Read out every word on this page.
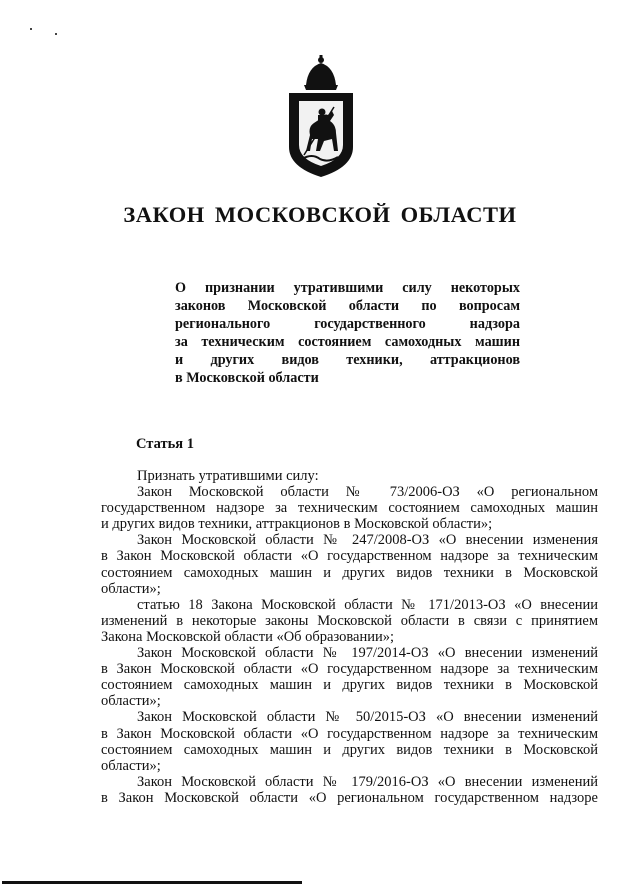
ЗАКОН МОСКОВСКОЙ ОБЛАСТИ
О признании утратившими силу некоторых
законов Московской области по вопросам
регионального государственного надзора
за техническим состоянием самоходных машин
и других видов техники, аттракционов
в Московской области
Статья 1
Признать утратившими силу:
Закон Московской области № 73/2006-ОЗ «О региональном
государственном надзоре за техническим состоянием самоходных машин
и других видов техники, аттракционов в Московской области»;
Закон Московской области № 247/2008-ОЗ «О внесении изменения
в Закон Московской области «О государственном надзоре за техническим
состоянием самоходных машин и других видов техники в Московской
области»;
статью 18 Закона Московской области № 171/2013-ОЗ «О внесении
изменений в некоторые законы Московской области в связи с принятием
Закона Московской области «Об образовании»;
Закон Московской области № 197/2014-ОЗ «О внесении изменений
в Закон Московской области «О государственном надзоре за техническим
состоянием самоходных машин и других видов техники в Московской
области»;
Закон Московской области № 50/2015-ОЗ «О внесении изменений
в Закон Московской области «О государственном надзоре за техническим
состоянием самоходных машин и других видов техники в Московской
области»;
Закон Московской области № 179/2016-ОЗ «О внесении изменений
в Закон Московской области «О региональном государственном надзоре
